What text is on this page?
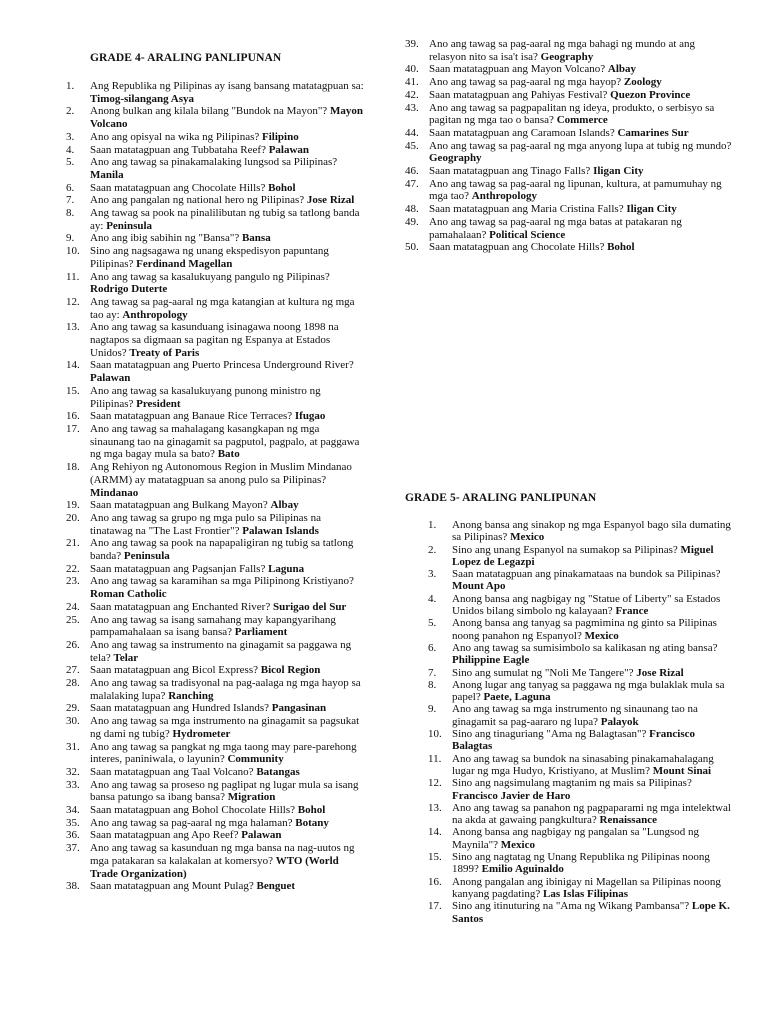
GRADE 4- ARALING PANLIPUNAN
1. Ang Republika ng Pilipinas ay isang bansang matatagpuan sa: Timog-silangang Asya
2. Anong bulkan ang kilala bilang "Bundok na Mayon"? Mayon Volcano
3. Ano ang opisyal na wika ng Pilipinas? Filipino
4. Saan matatagpuan ang Tubbataha Reef? Palawan
5. Ano ang tawag sa pinakamalaking lungsod sa Pilipinas? Manila
6. Saan matatagpuan ang Chocolate Hills? Bohol
7. Ano ang pangalan ng national hero ng Pilipinas? Jose Rizal
8. Ang tawag sa pook na pinalilibutan ng tubig sa tatlong banda ay: Peninsula
9. Ano ang ibig sabihin ng "Bansa"? Bansa
10. Sino ang nagsagawa ng unang ekspedisyon papuntang Pilipinas? Ferdinand Magellan
11. Ano ang tawag sa kasalukuyang pangulo ng Pilipinas? Rodrigo Duterte
12. Ang tawag sa pag-aaral ng mga katangian at kultura ng mga tao ay: Anthropology
13. Ano ang tawag sa kasunduang isinagawa noong 1898 na nagtapos sa digmaan sa pagitan ng Espanya at Estados Unidos? Treaty of Paris
14. Saan matatagpuan ang Puerto Princesa Underground River? Palawan
15. Ano ang tawag sa kasalukuyang punong ministro ng Pilipinas? President
16. Saan matatagpuan ang Banaue Rice Terraces? Ifugao
17. Ano ang tawag sa mahalagang kasangkapan ng mga sinaunang tao na ginagamit sa pagputol, pagpalo, at paggawa ng mga bagay mula sa bato? Bato
18. Ang Rehiyon ng Autonomous Region in Muslim Mindanao (ARMM) ay matatagpuan sa anong pulo sa Pilipinas? Mindanao
19. Saan matatagpuan ang Bulkang Mayon? Albay
20. Ano ang tawag sa grupo ng mga pulo sa Pilipinas na tinatawag na "The Last Frontier"? Palawan Islands
21. Ano ang tawag sa pook na napapaligiran ng tubig sa tatlong banda? Peninsula
22. Saan matatagpuan ang Pagsanjan Falls? Laguna
23. Ano ang tawag sa karamihan sa mga Pilipinong Kristiyano? Roman Catholic
24. Saan matatagpuan ang Enchanted River? Surigao del Sur
25. Ano ang tawag sa isang samahang may kapangyarihang pampamahalaan sa isang bansa? Parliament
26. Ano ang tawag sa instrumento na ginagamit sa paggawa ng tela? Telar
27. Saan matatagpuan ang Bicol Express? Bicol Region
28. Ano ang tawag sa tradisyonal na pag-aalaga ng mga hayop sa malalaking lupa? Ranching
29. Saan matatagpuan ang Hundred Islands? Pangasinan
30. Ano ang tawag sa mga instrumento na ginagamit sa pagsukat ng dami ng tubig? Hydrometer
31. Ano ang tawag sa pangkat ng mga taong may pare-parehong interes, paniniwala, o layunin? Community
32. Saan matatagpuan ang Taal Volcano? Batangas
33. Ano ang tawag sa proseso ng paglipat ng lugar mula sa isang bansa patungo sa ibang bansa? Migration
34. Saan matatagpuan ang Bohol Chocolate Hills? Bohol
35. Ano ang tawag sa pag-aaral ng mga halaman? Botany
36. Saan matatagpuan ang Apo Reef? Palawan
37. Ano ang tawag sa kasunduan ng mga bansa na nag-uutos ng mga patakaran sa kalakalan at komersyo? WTO (World Trade Organization)
38. Saan matatagpuan ang Mount Pulag? Benguet
39. Ano ang tawag sa pag-aaral ng mga bahagi ng mundo at ang relasyon nito sa isa't isa? Geography
40. Saan matatagpuan ang Mayon Volcano? Albay
41. Ano ang tawag sa pag-aaral ng mga hayop? Zoology
42. Saan matatagpuan ang Pahiyas Festival? Quezon Province
43. Ano ang tawag sa pagpapalitan ng ideya, produkto, o serbisyo sa pagitan ng mga tao o bansa? Commerce
44. Saan matatagpuan ang Caramoan Islands? Camarines Sur
45. Ano ang tawag sa pag-aaral ng mga anyong lupa at tubig ng mundo? Geography
46. Saan matatagpuan ang Tinago Falls? Iligan City
47. Ano ang tawag sa pag-aaral ng lipunan, kultura, at pamumuhay ng mga tao? Anthropology
48. Saan matatagpuan ang Maria Cristina Falls? Iligan City
49. Ano ang tawag sa pag-aaral ng mga batas at patakaran ng pamahalaan? Political Science
50. Saan matatagpuan ang Chocolate Hills? Bohol
GRADE 5- ARALING PANLIPUNAN
1. Anong bansa ang sinakop ng mga Espanyol bago sila dumating sa Pilipinas? Mexico
2. Sino ang unang Espanyol na sumakop sa Pilipinas? Miguel Lopez de Legazpi
3. Saan matatagpuan ang pinakamataas na bundok sa Pilipinas? Mount Apo
4. Anong bansa ang nagbigay ng "Statue of Liberty" sa Estados Unidos bilang simbolo ng kalayaan? France
5. Anong bansa ang tanyag sa pagmimina ng ginto sa Pilipinas noong panahon ng Espanyol? Mexico
6. Ano ang tawag sa sumisimbolo sa kalikasan ng ating bansa? Philippine Eagle
7. Sino ang sumulat ng "Noli Me Tangere"? Jose Rizal
8. Anong lugar ang tanyag sa paggawa ng mga bulaklak mula sa papel? Paete, Laguna
9. Ano ang tawag sa mga instrumento ng sinaunang tao na ginagamit sa pag-aararo ng lupa? Palayok
10. Sino ang tinaguriang "Ama ng Balagtasan"? Francisco Balagtas
11. Ano ang tawag sa bundok na sinasabing pinakamahalagang lugar ng mga Hudyo, Kristiyano, at Muslim? Mount Sinai
12. Sino ang nagsimulang magtanim ng mais sa Pilipinas? Francisco Javier de Haro
13. Ano ang tawag sa panahon ng pagpaparami ng mga intelektwal na akda at gawaing pangkultura? Renaissance
14. Anong bansa ang nagbigay ng pangalan sa "Lungsod ng Maynila"? Mexico
15. Sino ang nagtatag ng Unang Republika ng Pilipinas noong 1899? Emilio Aguinaldo
16. Anong pangalan ang ibinigay ni Magellan sa Pilipinas noong kanyang pagdating? Las Islas Filipinas
17. Sino ang itinuturing na "Ama ng Wikang Pambansa"? Lope K. Santos
